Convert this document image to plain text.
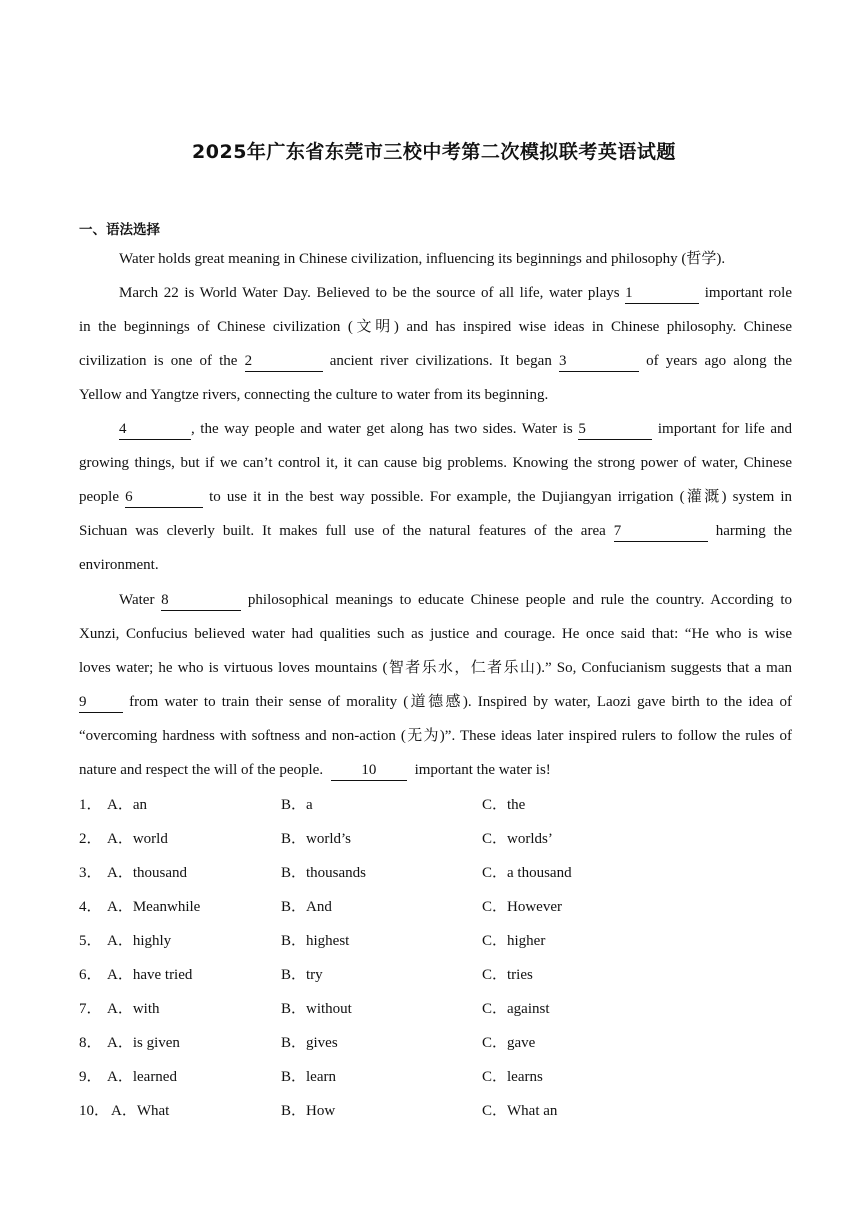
2025年广东省东莞市三校中考第二次模拟联考英语试题
一、语法选择
Water holds great meaning in Chinese civilization, influencing its beginnings and philosophy (哲学).
March 22 is World Water Day. Believed to be the source of all life, water plays 1	important role
in the beginnings of Chinese civilization (文明) and has inspired wise ideas in Chinese philosophy. Chinese
civilization is one of the 2	ancient river civilizations. It began 3	of years ago along the
Yellow and Yangtze rivers, connecting the culture to water from its beginning.
4	, the way people and water get along has two sides. Water is 5	important for life and
growing things, but if we can’t control it, it can cause big problems. Knowing the strong power of water, Chinese
people 6	to use it in the best way possible. For example, the Dujiangyan irrigation (灌溉) system in
Sichuan was cleverly built. It makes full use of the natural features of the area 7	harming the
environment.
Water 8	philosophical meanings to educate Chinese people and rule the country. According to
Xunzi, Confucius believed water had qualities such as justice and courage. He once said that: “He who is wise
loves water; he who is virtuous loves mountains (智者乐水，仁者乐山).” So, Confucianism suggests that a man
9	from water to train their sense of morality (道德感). Inspired by water, Laozi gave birth to the idea of
“overcoming hardness with softness and non-action (无为)”. These ideas later inspired rulers to follow the rules of
nature and respect the will of the people.	10	important the water is!
1． A．an	B．a	C．the
2． A．world	B．world’s	C．worlds’
3． A．thousand	B．thousands	C．a thousand
4． A．Meanwhile	B．And	C．However
5． A．highly	B．highest	C．higher
6． A．have tried	B．try	C．tries
7． A．with	B．without	C．against
8． A．is given	B．gives	C．gave
9． A．learned	B．learn	C．learns
10． A．What	B．How	C．What an
